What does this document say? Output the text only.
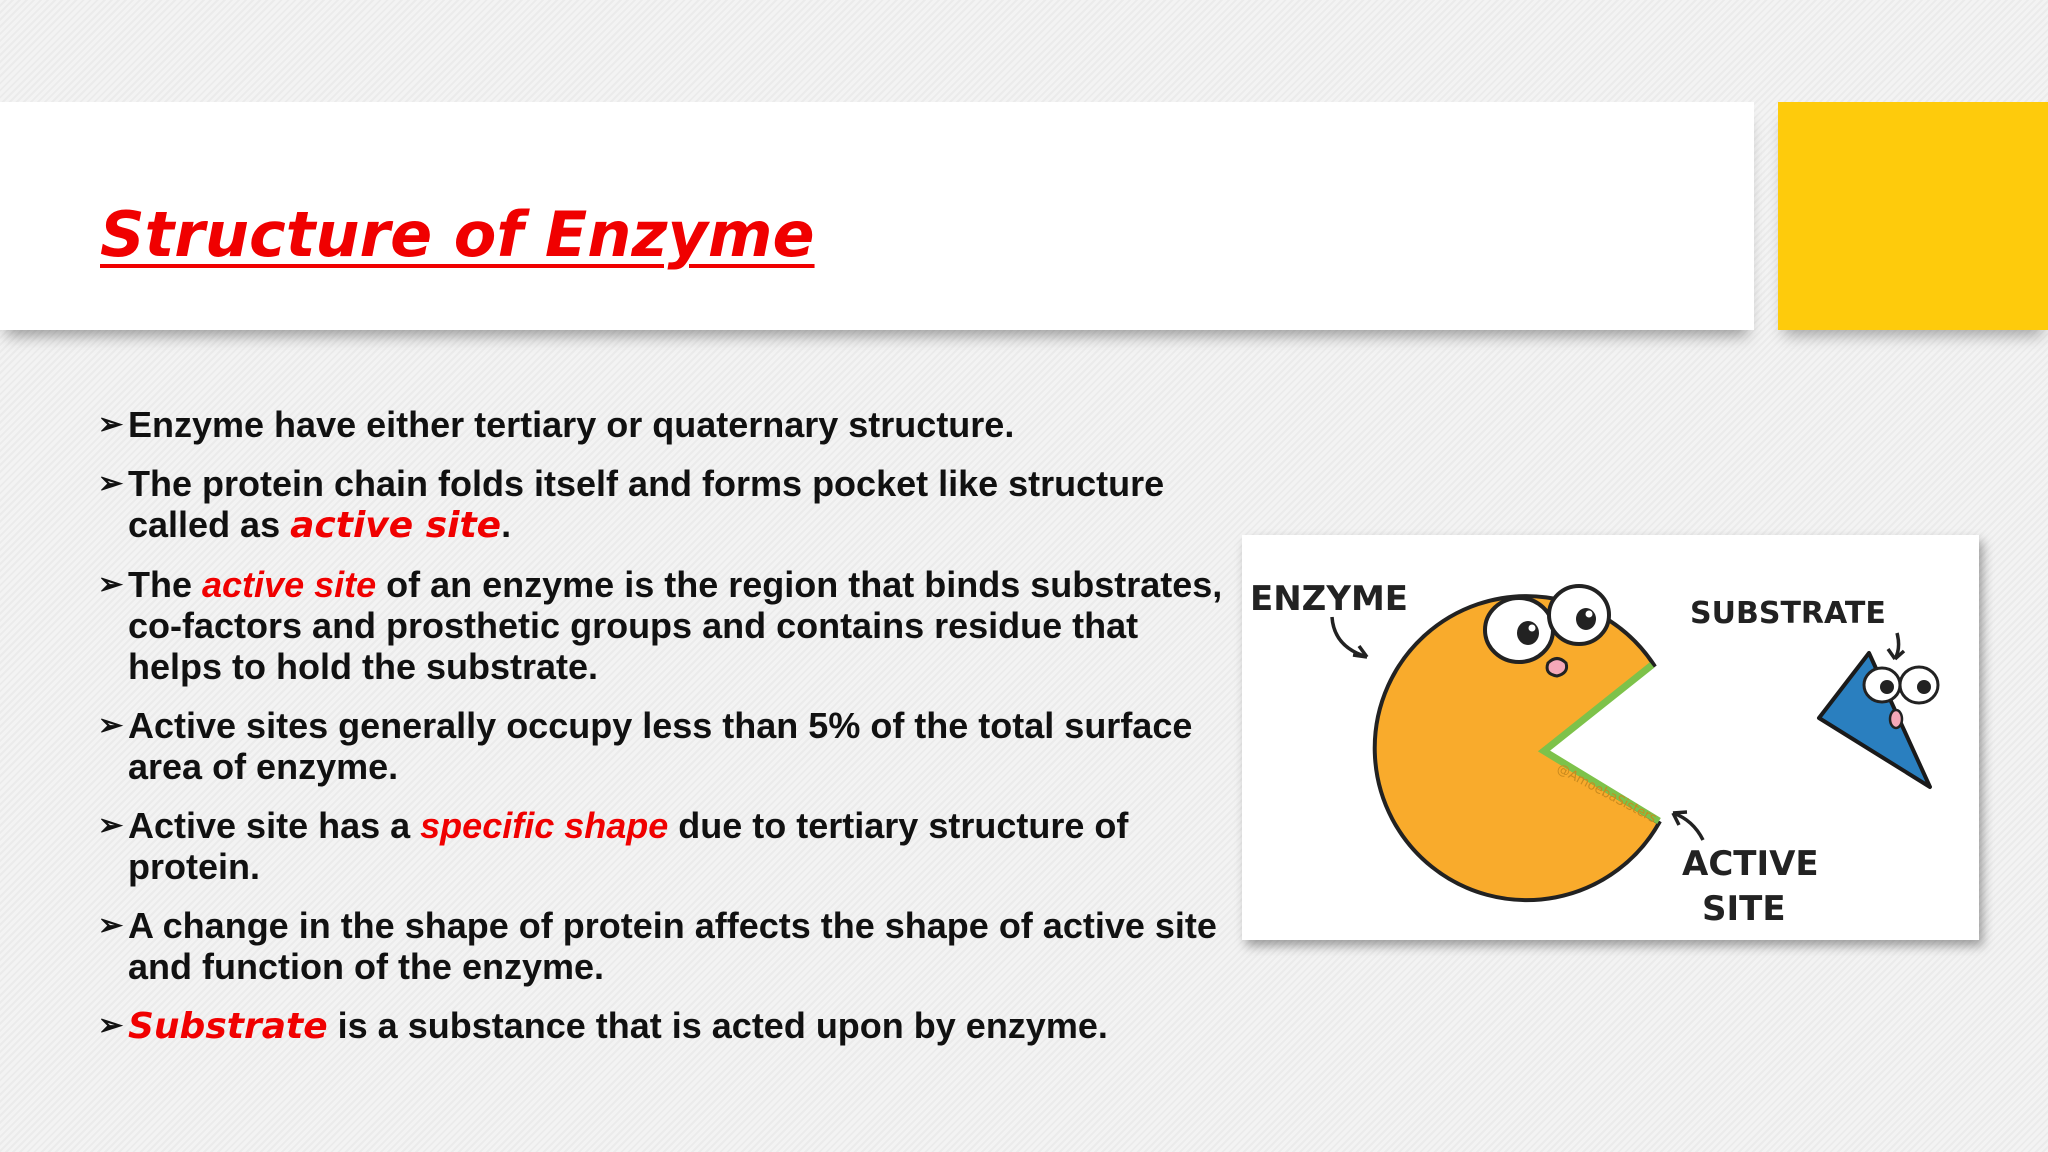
Structure of Enzyme
➢ Enzyme have either tertiary or quaternary structure.
➢ The protein chain folds itself and forms pocket like structure called as active site.
➢ The active site of an enzyme is the region that binds substrates, co-factors and prosthetic groups and contains residue that helps to hold the substrate.
➢ Active sites generally occupy less than 5% of the total surface area of enzyme.
➢ Active site has a specific shape due to tertiary structure of protein.
➢ A change in the shape of protein affects the shape of active site and function of the enzyme.
➢ Substrate is a substance that is acted upon by enzyme.
ENZYME	SUBSTRATE
ACTIVE
SITE
@AmoebaSisters
